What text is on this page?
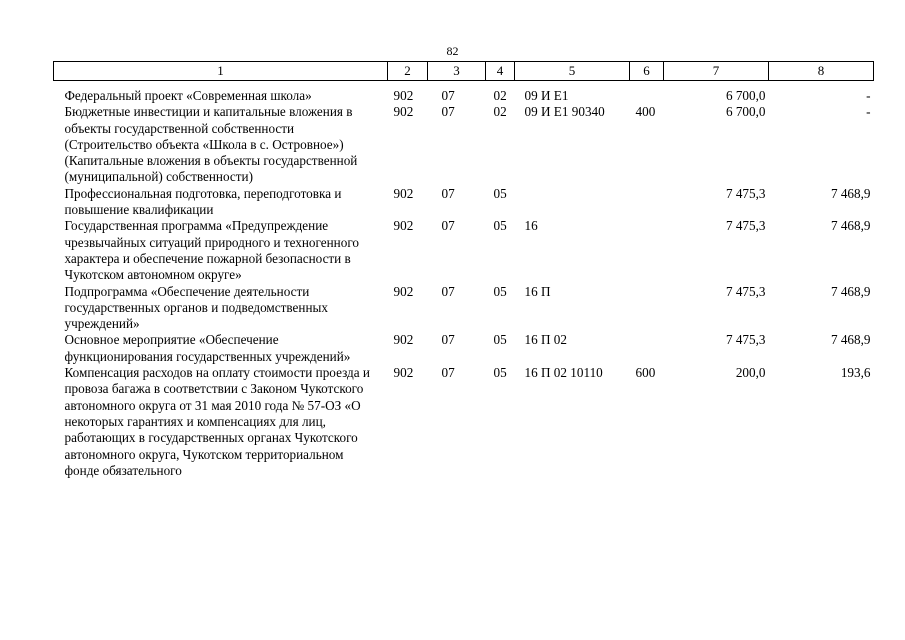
82
1	2	3	4	5	6	7	8
Федеральный проект «Современная школа»	902	07	02	09 И Е1		6 700,0	-
Бюджетные инвестиции и капитальные вложения в объекты государственной собственности (Строительство объекта «Школа в с. Островное») (Капитальные вложения в объекты государственной (муниципальной) собственности)	902	07	02	09 И Е1 90340	400	6 700,0	-
Профессиональная подготовка, переподготовка и повышение квалификации	902	07	05			7 475,3	7 468,9
Государственная программа «Предупреждение чрезвычайных ситуаций природного и техногенного характера и обеспечение пожарной безопасности в Чукотском автономном округе»	902	07	05	16		7 475,3	7 468,9
Подпрограмма «Обеспечение деятельности государственных органов и подведомственных учреждений»	902	07	05	16 П		7 475,3	7 468,9
Основное мероприятие «Обеспечение функционирования государственных учреждений»	902	07	05	16 П 02		7 475,3	7 468,9
Компенсация расходов на оплату стоимости проезда и провоза багажа в соответствии с Законом Чукотского автономного округа от 31 мая 2010 года № 57-ОЗ «О некоторых гарантиях и компенсациях для лиц, работающих в государственных органах Чукотского автономного округа, Чукотском территориальном фонде обязательного	902	07	05	16 П 02 10110	600	200,0	193,6
